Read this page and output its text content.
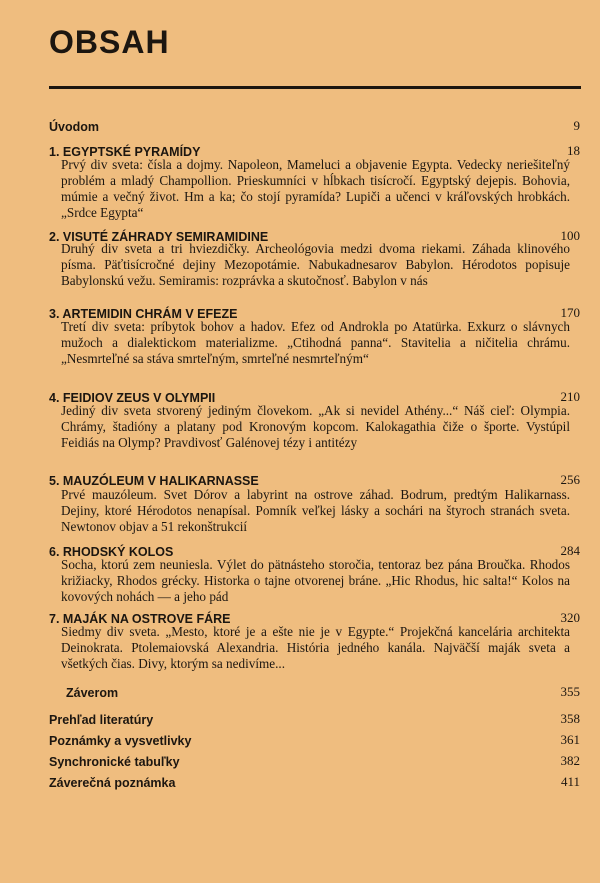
OBSAH
Úvodom	9
1. EGYPTSKÉ PYRAMÍDY	18
Prvý div sveta: čísla a dojmy. Napoleon, Mameluci a objavenie Egypta. Vedecky neriešiteľný problém a mladý Champollion. Prieskumníci v hĺbkach tisícročí. Egyptský dejepis. Bohovia, múmie a večný život. Hm a ka; čo stojí pyramída? Lupiči a učenci v kráľovských hrobkách. „Srdce Egypta“
2. VISUTÉ ZÁHRADY SEMIRAMIDINE	100
Druhý div sveta a tri hviezdičky. Archeológovia medzi dvoma riekami. Záhada klinového písma. Päťtisícročné dejiny Mezopotámie. Nabukadnesarov Babylon. Hérodotos popisuje Babylonskú vežu. Semiramis: rozprávka a skutočnosť. Babylon v nás
3. ARTEMIDIN CHRÁM V EFEZE	170
Tretí div sveta: príbytok bohov a hadov. Efez od Androkla po Atatürka. Exkurz o slávnych mužoch a dialektickom materializme. „Ctihodná panna“. Stavitelia a ničitelia chrámu. „Nesmrteľné sa stáva smrteľným, smrteľné nesmrteľným“
4. FEIDIOV ZEUS V OLYMPII	210
Jediný div sveta stvorený jediným človekom. „Ak si nevidel Athény...“ Náš cieľ: Olympia. Chrámy, štadióny a platany pod Kronovým kopcom. Kalokagathia čiže o športe. Vystúpil Feidiás na Olymp? Pravdivosť Galénovej tézy i antitézy
5. MAUZÓLEUM V HALIKARNASSE	256
Prvé mauzóleum. Svet Dórov a labyrint na ostrove záhad. Bodrum, predtým Halikarnass. Dejiny, ktoré Hérodotos nenapísal. Pomník veľkej lásky a sochári na štyroch stranách sveta. Newtonov objav a 51 rekonštrukcií
6. RHODSKÝ KOLOS	284
Socha, ktorú zem neuniesla. Výlet do pätnásteho storočia, tentoraz bez pána Broučka. Rhodos križiacky, Rhodos grécky. Historka o tajne otvorenej bráne. „Hic Rhodus, hic salta!“ Kolos na kovových nohách — a jeho pád
7. MAJÁK NA OSTROVE FÁRE	320
Siedmy div sveta. „Mesto, ktoré je a ešte nie je v Egypte.“ Projekčná kancelária architekta Deinokrata. Ptolemaiovská Alexandria. História jedného kanála. Najväčší maják sveta a všetkých čias. Divy, ktorým sa nedivíme...
Záverom	355
Prehľad literatúry	358
Poznámky a vysvetlivky	361
Synchronické tabuľky	382
Záverečná poznámka	411
